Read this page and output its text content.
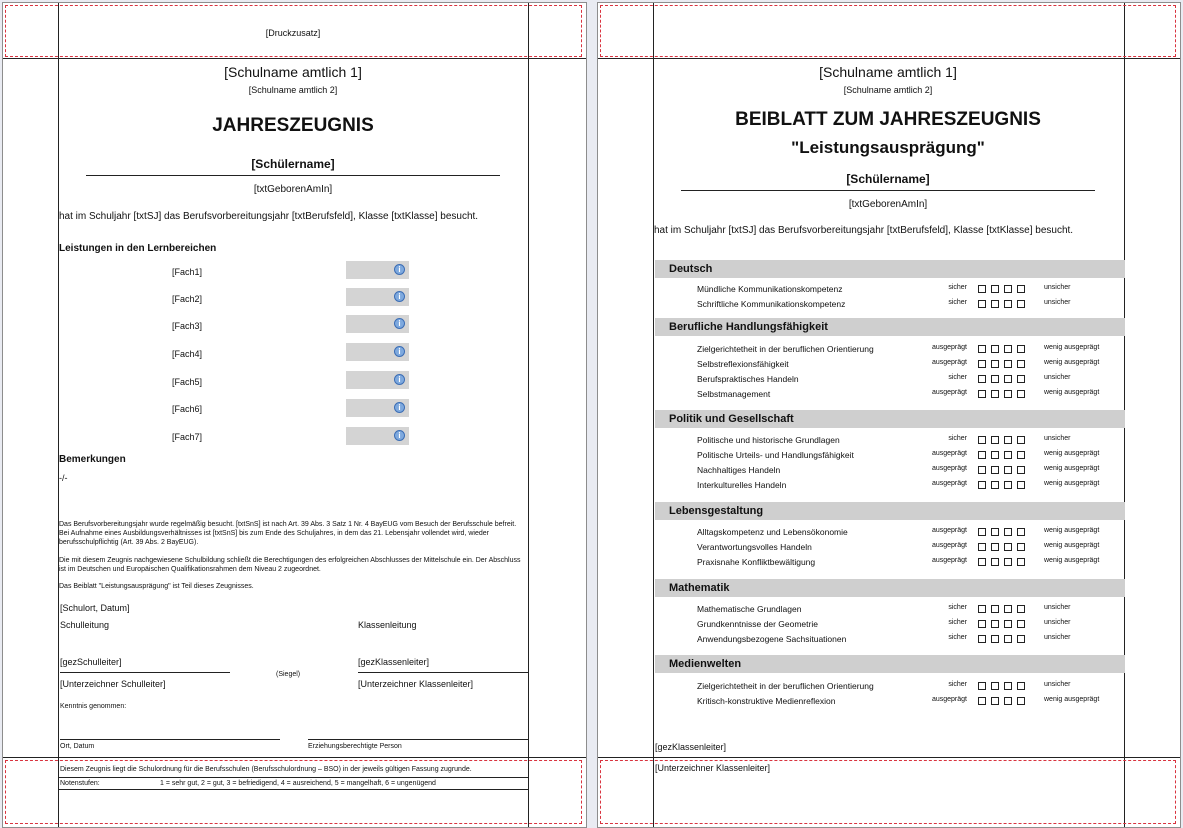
[Druckzusatz]
[Schulname amtlich 1]
[Schulname amtlich 2]
JAHRESZEUGNIS
[Schülername]
[txtGeborenAmIn]
hat im Schuljahr [txtSJ] das Berufsvorbereitungsjahr [txtBerufsfeld], Klasse [txtKlasse] besucht.
Leistungen in den Lernbereichen
[Fach1]	i
[Fach2]	i
[Fach3]	i
[Fach4]	i
[Fach5]	i
[Fach6]	i
[Fach7]	i
Bemerkungen
-/-
Das Berufsvorbereitungsjahr wurde regelmäßig besucht. [txtSnS] ist nach Art. 39 Abs. 3 Satz 1 Nr. 4 BayEUG vom Besuch der Berufsschule befreit. Bei Aufnahme eines Ausbildungsverhältnisses ist [txtSnS] bis zum Ende des Schuljahres, in dem das 21. Lebensjahr vollendet wird, wieder berufsschulpflichtig (Art. 39 Abs. 2 BayEUG).
Die mit diesem Zeugnis nachgewiesene Schulbildung schließt die Berechtigungen des erfolgreichen Abschlusses der Mittelschule ein. Der Abschluss ist im Deutschen und Europäischen Qualifikationsrahmen dem Niveau 2 zugeordnet.
Das Beiblatt "Leistungsausprägung" ist Teil dieses Zeugnisses.
[Schulort, Datum]
Schulleitung	Klassenleitung
[gezSchulleiter]	[gezKlassenleiter]
(Siegel)
[Unterzeichner Schulleiter]	[Unterzeichner Klassenleiter]
Kenntnis genommen:
Ort, Datum	Erziehungsberechtigte Person
Diesem Zeugnis liegt die Schulordnung für die Berufsschulen (Berufsschulordnung – BSO) in der jeweils gültigen Fassung zugrunde.
Notenstufen:	1 = sehr gut, 2 = gut, 3 = befriedigend, 4 = ausreichend, 5 = mangelhaft, 6 = ungenügend
[Schulname amtlich 1]
[Schulname amtlich 2]
BEIBLATT ZUM JAHRESZEUGNIS
"Leistungsausprägung"
[Schülername]
[txtGeborenAmIn]
hat im Schuljahr [txtSJ] das Berufsvorbereitungsjahr [txtBerufsfeld], Klasse [txtKlasse] besucht.
Deutsch
Mündliche Kommunikationskompetenz	sicher	unsicher
Schriftliche Kommunikationskompetenz	sicher	unsicher
Berufliche Handlungsfähigkeit
Zielgerichtetheit in der beruflichen Orientierung	ausgeprägt	wenig ausgeprägt
Selbstreflexionsfähigkeit	ausgeprägt	wenig ausgeprägt
Berufspraktisches Handeln	sicher	unsicher
Selbstmanagement	ausgeprägt	wenig ausgeprägt
Politik und Gesellschaft
Politische und historische Grundlagen	sicher	unsicher
Politische Urteils- und Handlungsfähigkeit	ausgeprägt	wenig ausgeprägt
Nachhaltiges Handeln	ausgeprägt	wenig ausgeprägt
Interkulturelles Handeln	ausgeprägt	wenig ausgeprägt
Lebensgestaltung
Alltagskompetenz und Lebensökonomie	ausgeprägt	wenig ausgeprägt
Verantwortungsvolles Handeln	ausgeprägt	wenig ausgeprägt
Praxisnahe Konfliktbewältigung	ausgeprägt	wenig ausgeprägt
Mathematik
Mathematische Grundlagen	sicher	unsicher
Grundkenntnisse der Geometrie	sicher	unsicher
Anwendungsbezogene Sachsituationen	sicher	unsicher
Medienwelten
Zielgerichtetheit in der beruflichen Orientierung	sicher	unsicher
Kritisch-konstruktive Medienreflexion	ausgeprägt	wenig ausgeprägt
[gezKlassenleiter]
[Unterzeichner Klassenleiter]
